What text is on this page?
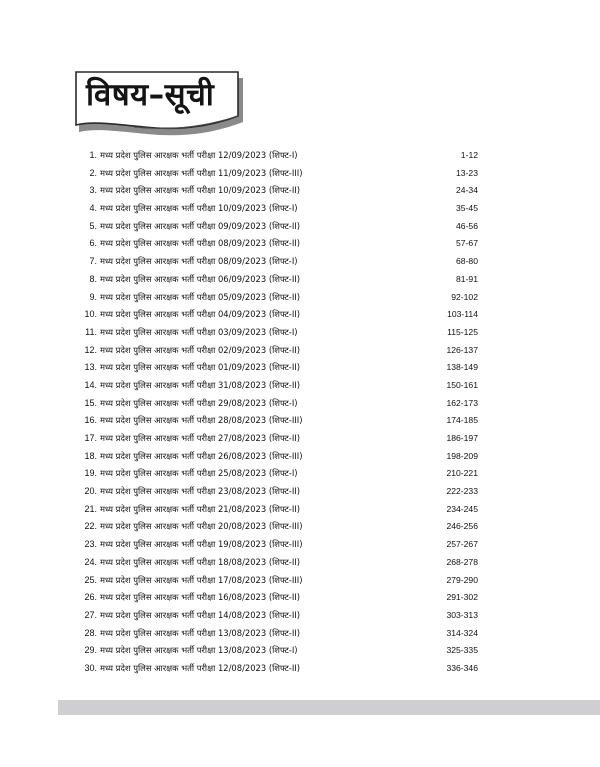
विषय–सूची
1. मध्य प्रदेश पुलिस आरक्षक भर्ती परीक्षा 12/09/2023 (शिफ्ट-I)	1-12
2. मध्य प्रदेश पुलिस आरक्षक भर्ती परीक्षा 11/09/2023 (शिफ्ट-III)	13-23
3. मध्य प्रदेश पुलिस आरक्षक भर्ती परीक्षा 10/09/2023 (शिफ्ट-II)	24-34
4. मध्य प्रदेश पुलिस आरक्षक भर्ती परीक्षा 10/09/2023 (शिफ्ट-I)	35-45
5. मध्य प्रदेश पुलिस आरक्षक भर्ती परीक्षा 09/09/2023 (शिफ्ट-II)	46-56
6. मध्य प्रदेश पुलिस आरक्षक भर्ती परीक्षा 08/09/2023 (शिफ्ट-II)	57-67
7. मध्य प्रदेश पुलिस आरक्षक भर्ती परीक्षा 08/09/2023 (शिफ्ट-I)	68-80
8. मध्य प्रदेश पुलिस आरक्षक भर्ती परीक्षा 06/09/2023 (शिफ्ट-II)	81-91
9. मध्य प्रदेश पुलिस आरक्षक भर्ती परीक्षा 05/09/2023 (शिफ्ट-II)	92-102
10. मध्य प्रदेश पुलिस आरक्षक भर्ती परीक्षा 04/09/2023 (शिफ्ट-II)	103-114
11. मध्य प्रदेश पुलिस आरक्षक भर्ती परीक्षा 03/09/2023 (शिफ्ट-I)	115-125
12. मध्य प्रदेश पुलिस आरक्षक भर्ती परीक्षा 02/09/2023 (शिफ्ट-II)	126-137
13. मध्य प्रदेश पुलिस आरक्षक भर्ती परीक्षा 01/09/2023 (शिफ्ट-II)	138-149
14. मध्य प्रदेश पुलिस आरक्षक भर्ती परीक्षा 31/08/2023 (शिफ्ट-II)	150-161
15. मध्य प्रदेश पुलिस आरक्षक भर्ती परीक्षा 29/08/2023 (शिफ्ट-I)	162-173
16. मध्य प्रदेश पुलिस आरक्षक भर्ती परीक्षा 28/08/2023 (शिफ्ट-III)	174-185
17. मध्य प्रदेश पुलिस आरक्षक भर्ती परीक्षा 27/08/2023 (शिफ्ट-II)	186-197
18. मध्य प्रदेश पुलिस आरक्षक भर्ती परीक्षा 26/08/2023 (शिफ्ट-III)	198-209
19. मध्य प्रदेश पुलिस आरक्षक भर्ती परीक्षा 25/08/2023 (शिफ्ट-I)	210-221
20. मध्य प्रदेश पुलिस आरक्षक भर्ती परीक्षा 23/08/2023 (शिफ्ट-II)	222-233
21. मध्य प्रदेश पुलिस आरक्षक भर्ती परीक्षा 21/08/2023 (शिफ्ट-II)	234-245
22. मध्य प्रदेश पुलिस आरक्षक भर्ती परीक्षा 20/08/2023 (शिफ्ट-III)	246-256
23. मध्य प्रदेश पुलिस आरक्षक भर्ती परीक्षा 19/08/2023 (शिफ्ट-III)	257-267
24. मध्य प्रदेश पुलिस आरक्षक भर्ती परीक्षा 18/08/2023 (शिफ्ट-II)	268-278
25. मध्य प्रदेश पुलिस आरक्षक भर्ती परीक्षा 17/08/2023 (शिफ्ट-III)	279-290
26. मध्य प्रदेश पुलिस आरक्षक भर्ती परीक्षा 16/08/2023 (शिफ्ट-II)	291-302
27. मध्य प्रदेश पुलिस आरक्षक भर्ती परीक्षा 14/08/2023 (शिफ्ट-II)	303-313
28. मध्य प्रदेश पुलिस आरक्षक भर्ती परीक्षा 13/08/2023 (शिफ्ट-II)	314-324
29. मध्य प्रदेश पुलिस आरक्षक भर्ती परीक्षा 13/08/2023 (शिफ्ट-I)	325-335
30. मध्य प्रदेश पुलिस आरक्षक भर्ती परीक्षा 12/08/2023 (शिफ्ट-II)	336-346
